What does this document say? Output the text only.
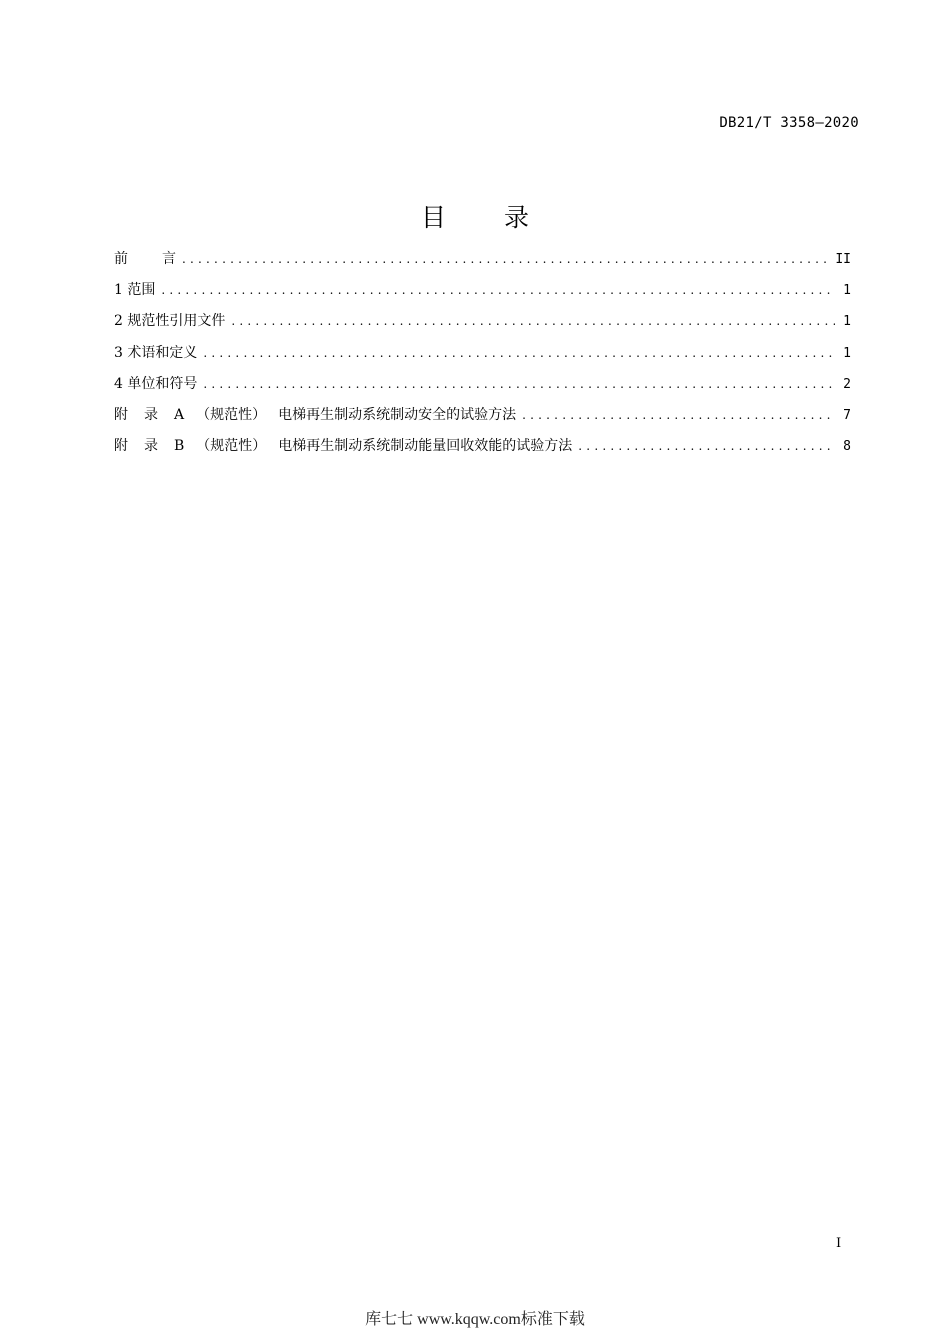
DB21/T 3358—2020
目 录
前 言 .....	II
1 范围 .....	1
2 规范性引用文件 .....	1
3 术语和定义 .....	1
4 单位和符号 .....	2
附 录 A （规范性） 电梯再生制动系统制动安全的试验方法 .....	7
附 录 B （规范性） 电梯再生制动系统制动能量回收效能的试验方法 .....	8
I
库七七 www.kqqw.com标准下载
